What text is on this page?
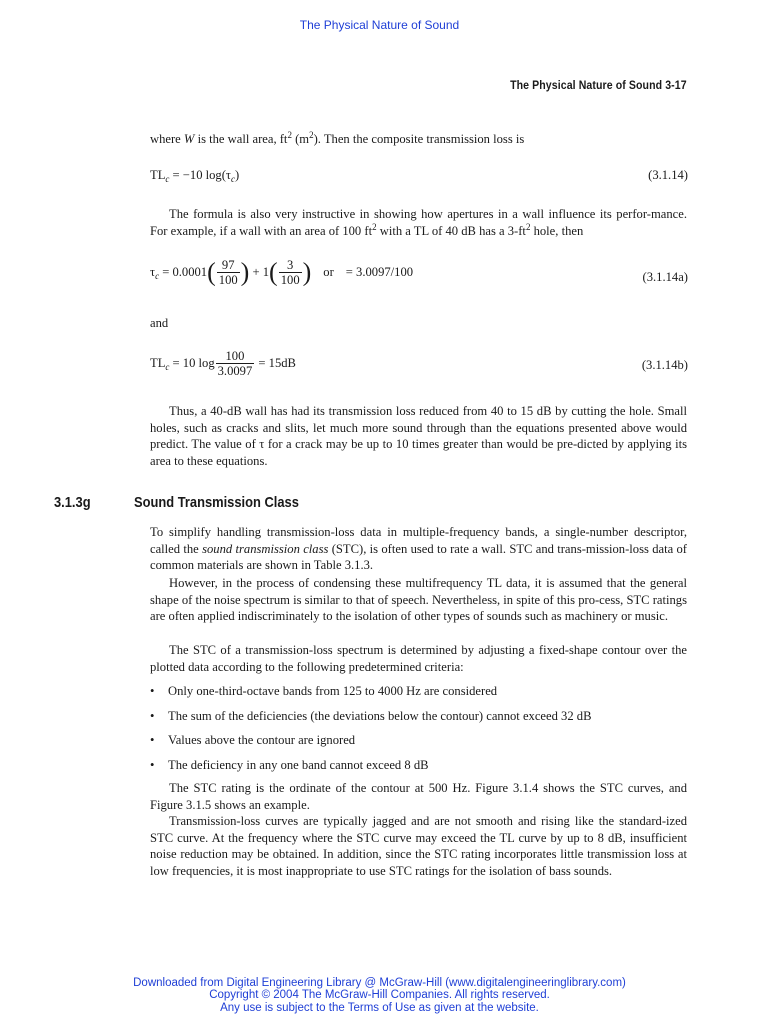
The Physical Nature of Sound
The Physical Nature of Sound 3-17
where W is the wall area, $ft^2$ $(m^2)$. Then the composite transmission loss is
$TL_c = -10$ $\log(\tau_c)$	(3.1.14)
The formula is also very instructive in showing how apertures in a wall influence its perfor-mance. For example, if a wall with an area of 100 $ft^2$ with a TL of 40 dB has a $3-ft^2$ hole, then
$\tau_c = 0.0001( \frac{97}{100}$ ) + $1( \frac{3}{100}$ ) or = 3.0097/100	(3.1.14a)
and
$TL_c = 10$ $\log \frac{100}{3.0097} = 15dB$	(3.1.14b)
Thus, a 40-dB wall has had its transmission loss reduced from 40 to 15 dB by cutting the hole. Small holes, such as cracks and slits, let much more sound through than the equations presented above would predict. The value of τ for a crack may be up to 10 times greater than would be pre-dicted by applying its area to these equations.
3.1.3g	Sound Transmission Class
To simplify handling transmission-loss data in multiple-frequency bands, a single-number descriptor, called the sound transmission class (STC), is often used to rate a wall. STC and trans-mission-loss data of common materials are shown in Table 3.1.3.
However, in the process of condensing these multifrequency TL data, it is assumed that the general shape of the noise spectrum is similar to that of speech. Nevertheless, in spite of this pro-cess, STC ratings are often applied indiscriminately to the isolation of other types of sounds such as machinery or music.
The STC of a transmission-loss spectrum is determined by adjusting a fixed-shape contour over the plotted data according to the following predetermined criteria:
• Only one-third-octave bands from 125 to 4000 Hz are considered
• The sum of the deficiencies (the deviations below the contour) cannot exceed 32 dB
• Values above the contour are ignored
• The deficiency in any one band cannot exceed 8 dB
The STC rating is the ordinate of the contour at 500 Hz. Figure 3.1.4 shows the STC curves, and Figure 3.1.5 shows an example.
Transmission-loss curves are typically jagged and are not smooth and rising like the standard-ized STC curve. At the frequency where the STC curve may exceed the TL curve by up to 8 dB, insufficient noise reduction may be obtained. In addition, since the STC rating incorporates little transmission loss at low frequencies, it is most inappropriate to use STC ratings for the isolation of bass sounds.
Downloaded from Digital Engineering Library @ McGraw-Hill (www.digitalengineeringlibrary.com)
Copyright © 2004 The McGraw-Hill Companies. All rights reserved.
Any use is subject to the Terms of Use as given at the website.
